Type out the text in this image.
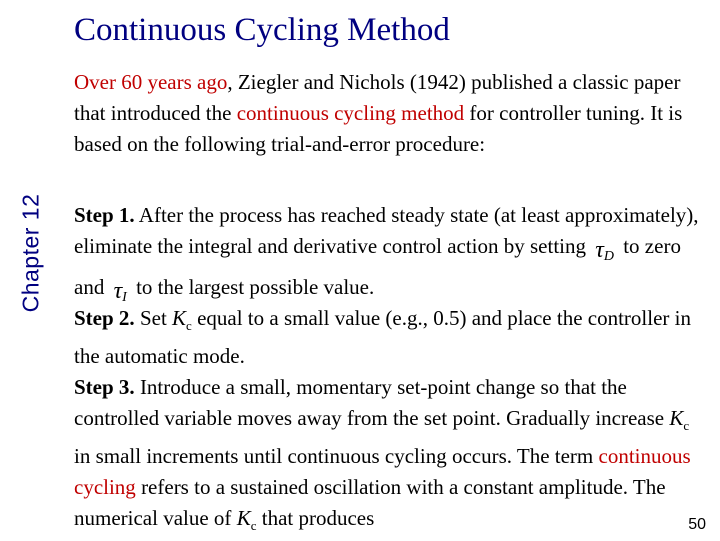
Chapter 12
Continuous Cycling Method
Over 60 years ago, Ziegler and Nichols (1942) published a classic paper that introduced the continuous cycling method for controller tuning. It is based on the following trial-and-error procedure:
Step 1. After the process has reached steady state (at least approximately), eliminate the integral and derivative control action by setting $\tau_D$ to zero and $\tau_I$ to the largest possible value.
Step 2. Set $K_c$ equal to a small value (e.g., 0.5) and place the controller in the automatic mode.
Step 3. Introduce a small, momentary set-point change so that the controlled variable moves away from the set point. Gradually increase $K_c$ in small increments until continuous cycling occurs. The term continuous cycling refers to a sustained oscillation with a constant amplitude. The numerical value of $K_c$ that produces	50
